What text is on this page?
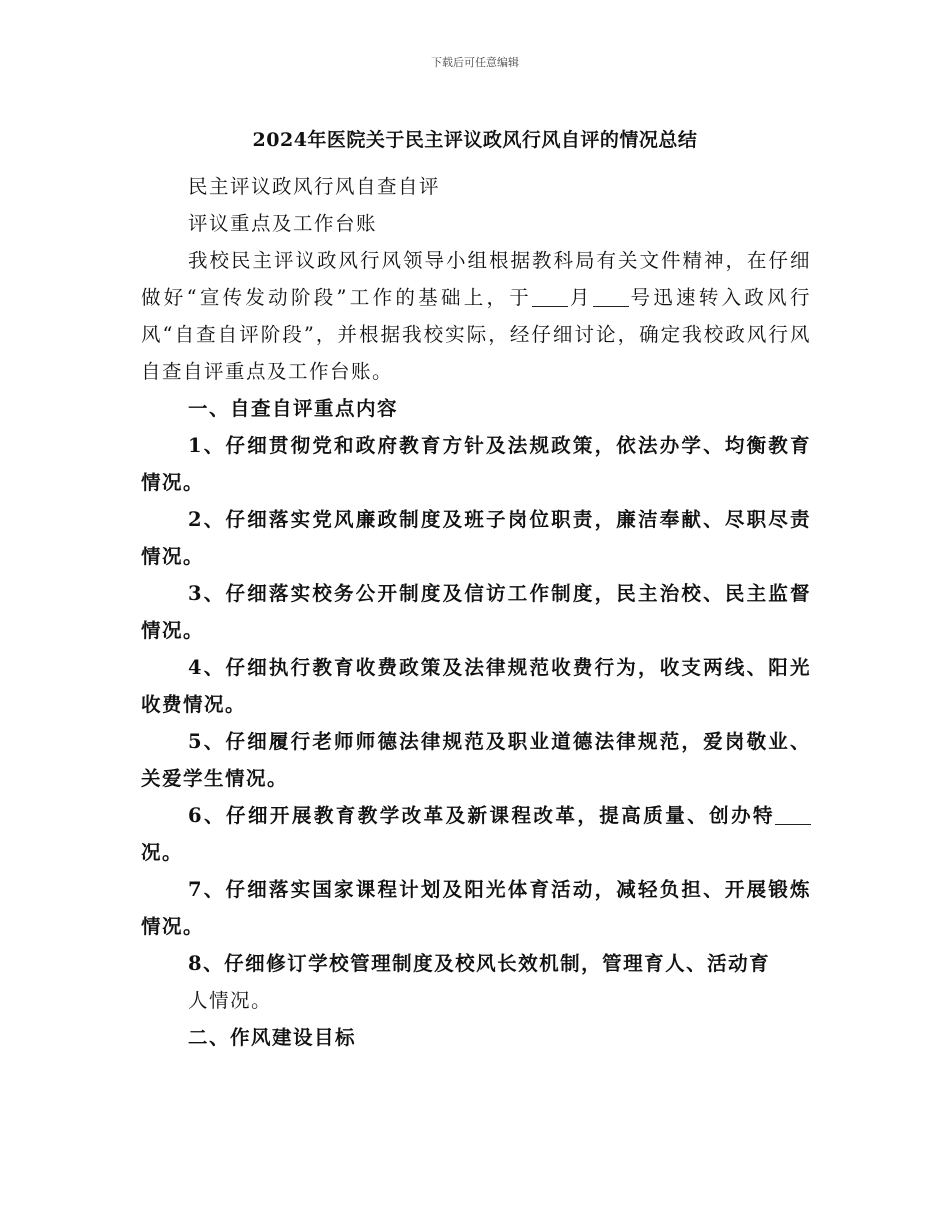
下载后可任意编辑
2024年医院关于民主评议政风行风自评的情况总结

民主评议政风行风自查自评

评议重点及工作台账

我校民主评议政风行风领导小组根据教科局有关文件精神，在仔细做好“宣传发动阶段”工作的基础上，于 月 号迅速转入政风行风“自查自评阶段”，并根据我校实际，经仔细讨论，确定我校政风行风自查自评重点及工作台账。

一、自查自评重点内容

1、仔细贯彻党和政府教育方针及法规政策，依法办学、均衡教育情况。

2、仔细落实党风廉政制度及班子岗位职责，廉洁奉献、尽职尽责情况。

3、仔细落实校务公开制度及信访工作制度，民主治校、民主监督情况。

4、仔细执行教育收费政策及法律规范收费行为，收支两线、阳光收费情况。

5、仔细履行老师师德法律规范及职业道德法律规范，爱岗敬业、关爱学生情况。

6、仔细开展教育教学改革及新课程改革，提高质量、创办特况。

7、仔细落实国家课程计划及阳光体育活动，减轻负担、开展锻炼情况。

8、仔细修订学校管理制度及校风长效机制，管理育人、活动育

人情况。

二、作风建设目标
